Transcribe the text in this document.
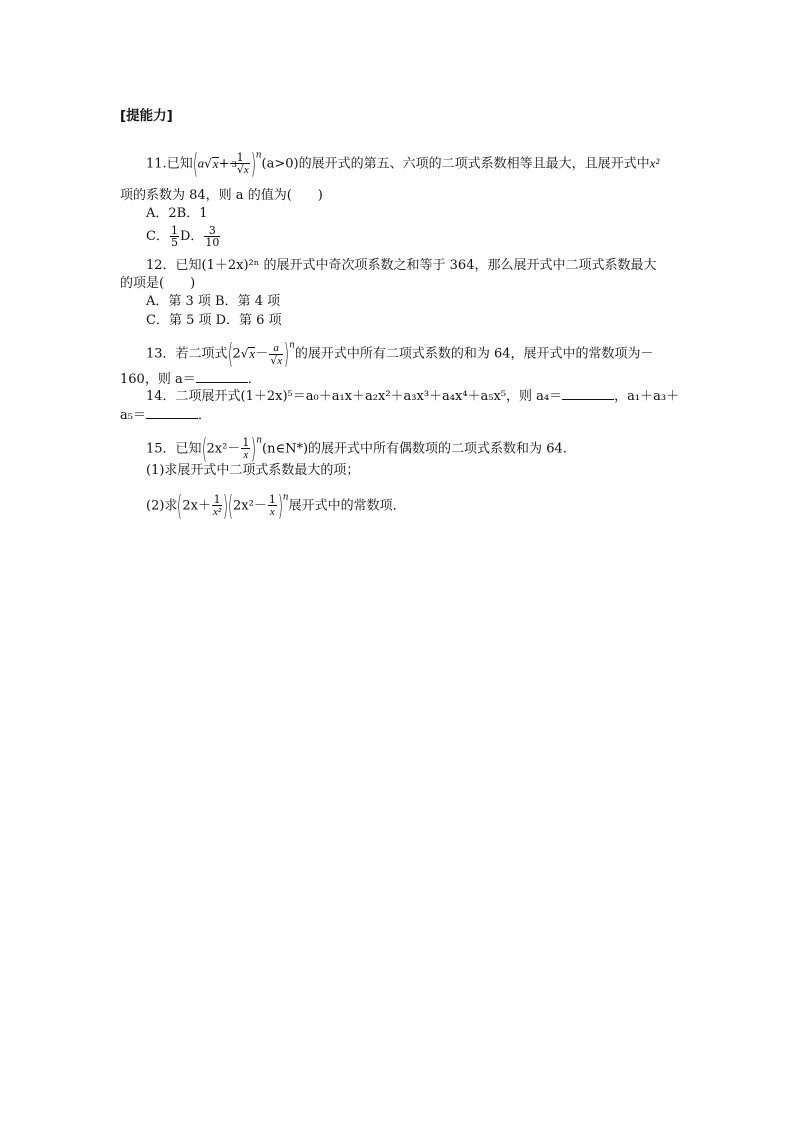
[提能力]
11.已知$(a√x+ \frac{1}{^3√x} )^n(a>0)$的展开式的第五、六项的二项式系数相等且最大，且展开式中x²
项的系数为 84，则 a 的值为(　　)
A．2B．1
C． $\frac{1}{5}$ D． $\frac{3}{10}$
12．已知(1＋2x)²ⁿ 的展开式中奇次项系数之和等于 364，那么展开式中二项式系数最大
的项是(　　)
A．第 3 项 B．第 4 项
C．第 5 项 D．第 6 项
13．若二项式$(2√x- \frac{a}{√x} )^n$的展开式中所有二项式系数的和为 64，展开式中的常数项为－
160，则 a＝	．
14．二项展开式(1＋2x)⁵＝a₀＋a₁x＋a₂x²＋a₃x³＋a₄x⁴＋a₅x⁵，则 a₄＝	，a₁＋a₃＋
a₅＝	．
15．已知($2x^2- \frac{1}{x}$ )$^n(n\in N*)$的展开式中所有偶数项的二项式系数和为 64.
(1)求展开式中二项式系数最大的项；
(2)求$(2x+ \frac{1}{\text{x²}} )(2x^2- \frac{1}{x} )^n$展开式中的常数项．
